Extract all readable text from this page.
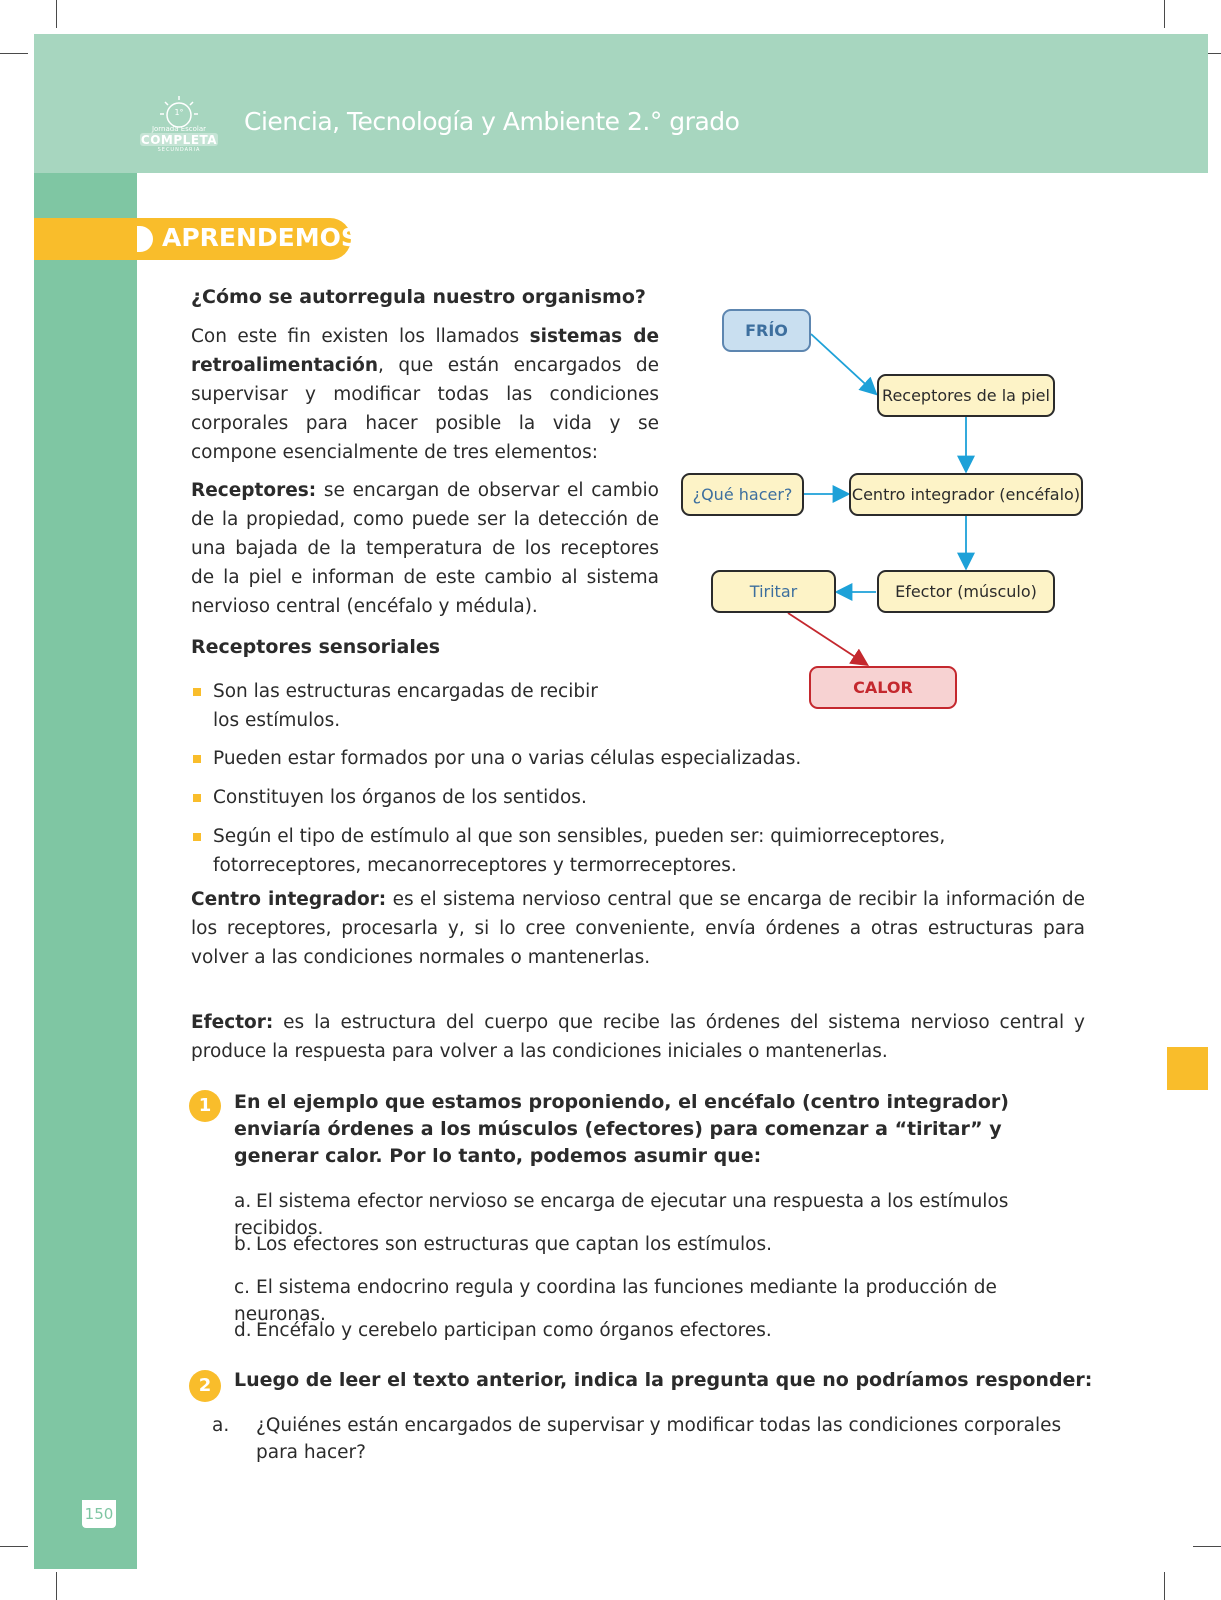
1°
Jornada Escolar
COMPLETA
SECUNDARIA
Ciencia, Tecnología y Ambiente 2.° grado
APRENDEMOS
¿Cómo se autorregula nuestro organismo?
Con este fin existen los llamados sistemas de retroalimentación, que están encargados de supervisar y modificar todas las condiciones corporales para hacer posible la vida y se compone esencialmente de tres elementos:
Receptores: se encargan de observar el cambio de la propiedad, como puede ser la detección de una bajada de la temperatura de los receptores de la piel e informan de este cambio al sistema nervioso central (encéfalo y médula).
Receptores sensoriales
Son las estructuras encargadas de recibir los estímulos.
Pueden estar formados por una o varias células especializadas.
Constituyen los órganos de los sentidos.
Según el tipo de estímulo al que son sensibles, pueden ser: quimiorreceptores, fotorreceptores, mecanorreceptores y termorreceptores.
Centro integrador: es el sistema nervioso central que se encarga de recibir la información de los receptores, procesarla y, si lo cree conveniente, envía órdenes a otras estructuras para volver a las condiciones normales o mantenerlas.
Efector: es la estructura del cuerpo que recibe las órdenes del sistema nervioso central y produce la respuesta para volver a las condiciones iniciales o mantenerlas.
FRÍO
Receptores de la piel
¿Qué hacer?	Centro integrador (encéfalo)
Tiritar	Efector (músculo)
CALOR
1	En el ejemplo que estamos proponiendo, el encéfalo (centro integrador) enviaría órdenes a los músculos (efectores) para comenzar a “tiritar” y generar calor. Por lo tanto, podemos asumir que:
a. El sistema efector nervioso se encarga de ejecutar una respuesta a los estímulos recibidos.
b. Los efectores son estructuras que captan los estímulos.
c. El sistema endocrino regula y coordina las funciones mediante la producción de neuronas.
d. Encéfalo y cerebelo participan como órganos efectores.
2	Luego de leer el texto anterior, indica la pregunta que no podríamos responder:
a. ¿Quiénes están encargados de supervisar y modificar todas las condiciones corporales para hacer?
150
